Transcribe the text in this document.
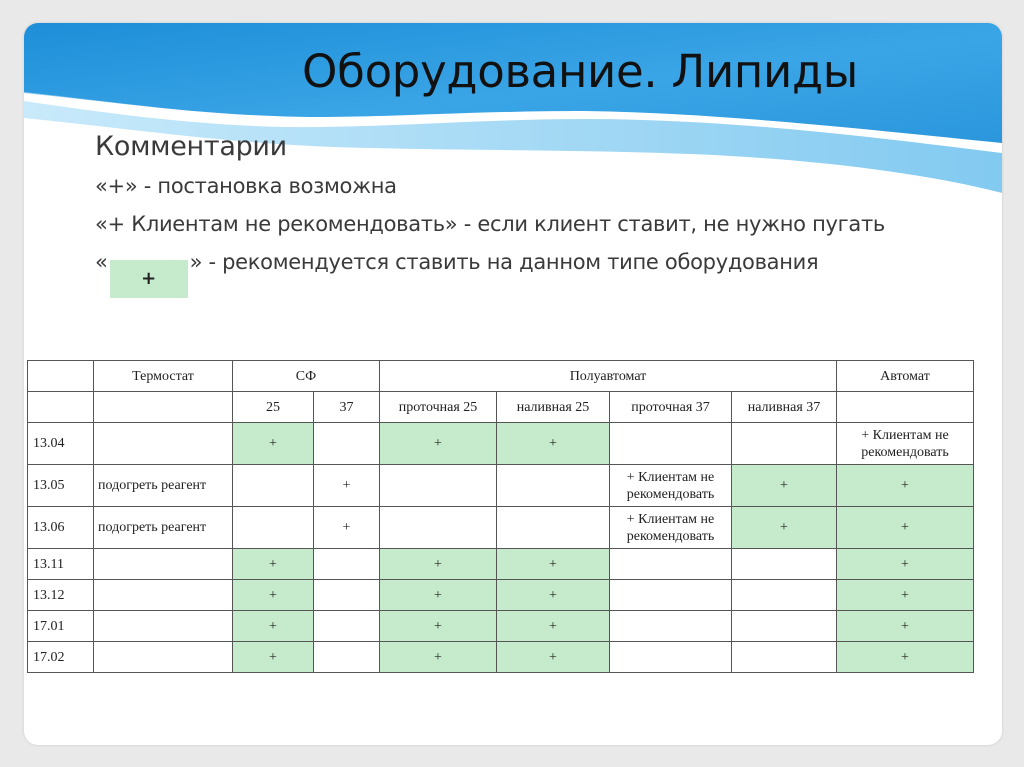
Оборудование. Липиды
Комментарии

«+» - постановка возможна

«+ Клиентам не рекомендовать» - если клиент ставит, не нужно пугать

«+» - рекомендуется ставить на данном типе оборудования

	Термостат	СФ		Полуавтомат				Автомат
		25	37	проточная 25	наливная 25	проточная 37	наливная 37	
13.04		+		+	+			+ Клиентам не рекомендовать
13.05	подогреть реагент		+			+ Клиентам не рекомендовать	+	+
13.06	подогреть реагент		+			+ Клиентам не рекомендовать	+	+
13.11		+		+	+			+
13.12		+		+	+			+
17.01		+		+	+			+
17.02		+		+	+			+
